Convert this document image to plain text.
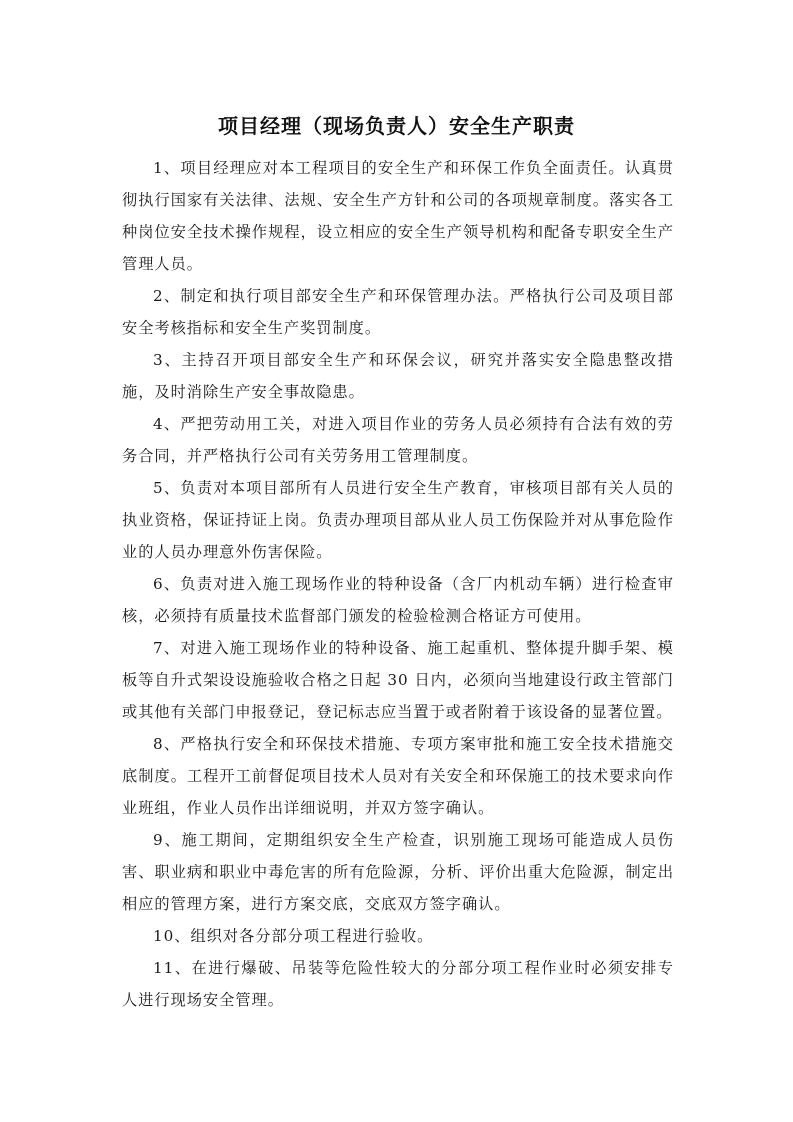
项目经理（现场负责人）安全生产职责

1、项目经理应对本工程项目的安全生产和环保工作负全面责任。认真贯彻执行国家有关法律、法规、安全生产方针和公司的各项规章制度。落实各工种岗位安全技术操作规程，设立相应的安全生产领导机构和配备专职安全生产管理人员。

2、制定和执行项目部安全生产和环保管理办法。严格执行公司及项目部安全考核指标和安全生产奖罚制度。

3、主持召开项目部安全生产和环保会议，研究并落实安全隐患整改措施，及时消除生产安全事故隐患。

4、严把劳动用工关，对进入项目作业的劳务人员必须持有合法有效的劳务合同，并严格执行公司有关劳务用工管理制度。

5、负责对本项目部所有人员进行安全生产教育，审核项目部有关人员的执业资格，保证持证上岗。负责办理项目部从业人员工伤保险并对从事危险作业的人员办理意外伤害保险。

6、负责对进入施工现场作业的特种设备（含厂内机动车辆）进行检查审核，必须持有质量技术监督部门颁发的检验检测合格证方可使用。

7、对进入施工现场作业的特种设备、施工起重机、整体提升脚手架、模板等自升式架设设施验收合格之日起 30 日内，必须向当地建设行政主管部门或其他有关部门申报登记，登记标志应当置于或者附着于该设备的显著位置。

8、严格执行安全和环保技术措施、专项方案审批和施工安全技术措施交底制度。工程开工前督促项目技术人员对有关安全和环保施工的技术要求向作业班组，作业人员作出详细说明，并双方签字确认。

9、施工期间，定期组织安全生产检查，识别施工现场可能造成人员伤害、职业病和职业中毒危害的所有危险源，分析、评价出重大危险源，制定出相应的管理方案，进行方案交底，交底双方签字确认。

10、组织对各分部分项工程进行验收。

11、在进行爆破、吊装等危险性较大的分部分项工程作业时必须安排专人进行现场安全管理。
